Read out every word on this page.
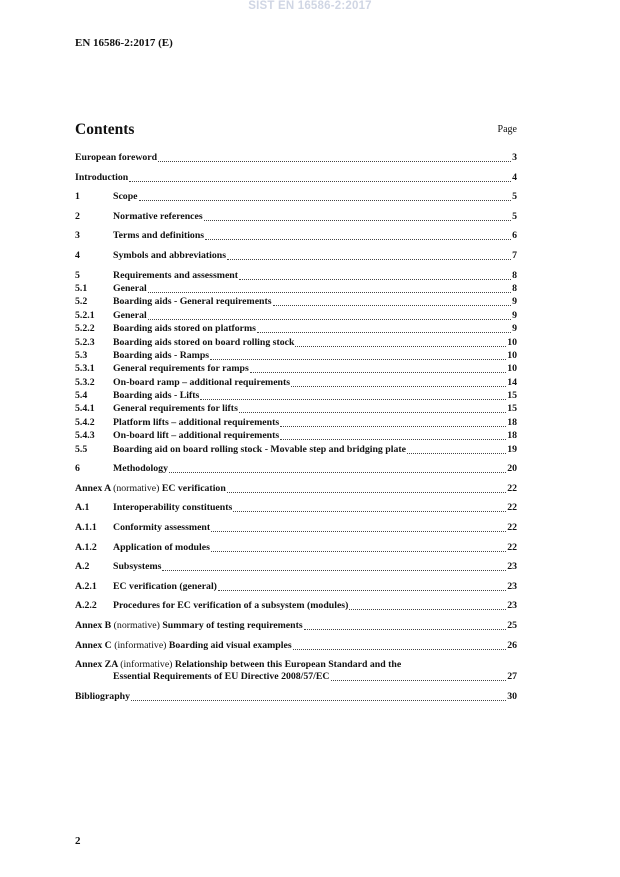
SIST EN 16586-2:2017
EN 16586-2:2017 (E)
Contents	Page
European foreword	3
Introduction	4
1	Scope	5
2	Normative references	5
3	Terms and definitions	6
4	Symbols and abbreviations	7
5	Requirements and assessment	8
5.1	General	8
5.2	Boarding aids - General requirements	9
5.2.1	General	9
5.2.2	Boarding aids stored on platforms	9
5.2.3	Boarding aids stored on board rolling stock	10
5.3	Boarding aids - Ramps	10
5.3.1	General requirements for ramps	10
5.3.2	On-board ramp – additional requirements	14
5.4	Boarding aids - Lifts	15
5.4.1	General requirements for lifts	15
5.4.2	Platform lifts – additional requirements	18
5.4.3	On-board lift – additional requirements	18
5.5	Boarding aid on board rolling stock - Movable step and bridging plate	19
6	Methodology	20
Annex A (normative) EC verification	22
A.1	Interoperability constituents	22
A.1.1	Conformity assessment	22
A.1.2	Application of modules	22
A.2	Subsystems	23
A.2.1	EC verification (general)	23
A.2.2	Procedures for EC verification of a subsystem (modules)	23
Annex B (normative) Summary of testing requirements	25
Annex C (informative) Boarding aid visual examples	26
Annex ZA (informative) Relationship between this European Standard and the
Essential Requirements of EU Directive 2008/57/EC	27
Bibliography	30
2
